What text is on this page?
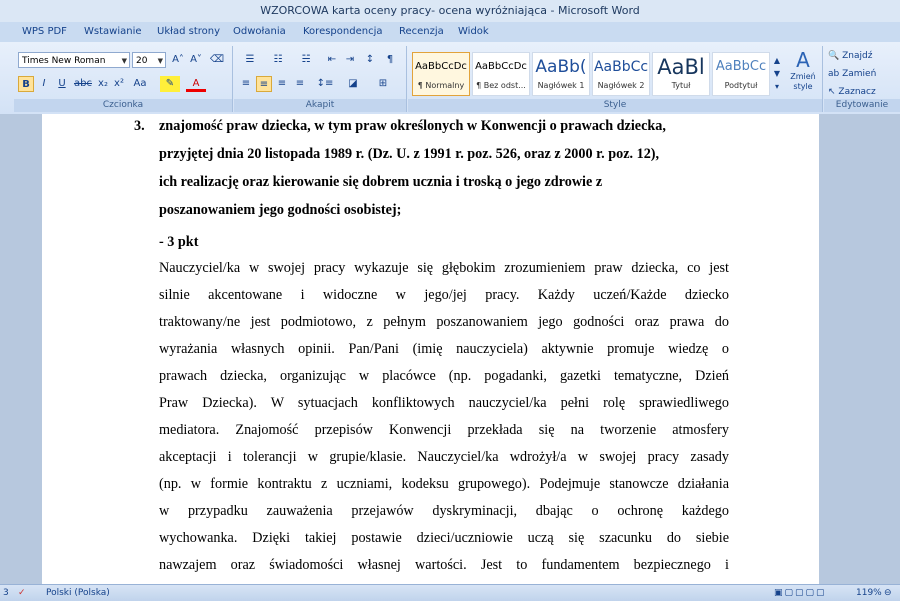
WZORCOWA karta oceny pracy- ocena wyróżniająca - Microsoft Word
WPS PDF Wstawianie Układ strony Odwołania Korespondencja Recenzja Widok
Times New Roman ▼	20 ▼ A˄ A˅ ⌫
B	I	U abc x₂ x² Aa	✎	A
Czcionka
☰	☷	☵	⇤ ⇥	↕	¶
≡ ≡ ≡ ≡	↕≡	◪	⊞
Akapit
AaBbCcDc
¶ Normalny
AaBbCcDc
¶ Bez odst...
AaBb(
Nagłówek 1
AaBbCc
Nagłówek 2
AaBl
Tytuł
AaBbCc
Podtytuł
▲
▼
▾
A
Zmień style
Style
🔍 Znajdź
ab Zamień
↖ Zaznacz
Edytowanie
3. znajomość praw dziecka, w tym praw określonych w Konwencji o prawach dziecka,
przyjętej dnia 20 listopada 1989 r. (Dz. U. z 1991 r. poz. 526, oraz z 2000 r. poz. 12),
ich realizację oraz kierowanie się dobrem ucznia i troską o jego zdrowie z
poszanowaniem jego godności osobistej;
- 3 pkt
Nauczyciel/ka w swojej pracy wykazuje się głębokim zrozumieniem praw dziecka, co jest
silnie akcentowane i widoczne w jego/jej pracy. Każdy uczeń/Każde dziecko
traktowany/ne jest podmiotowo, z pełnym poszanowaniem jego godności oraz prawa do
wyrażania własnych opinii. Pan/Pani (imię nauczyciela) aktywnie promuje wiedzę o
prawach dziecka, organizując w placówce (np. pogadanki, gazetki tematyczne, Dzień
Praw Dziecka). W sytuacjach konfliktowych nauczyciel/ka pełni rolę sprawiedliwego
mediatora. Znajomość przepisów Konwencji przekłada się na tworzenie atmosfery
akceptacji i tolerancji w grupie/klasie. Nauczyciel/ka wdrożył/a w swojej pracy zasady
(np. w formie kontraktu z uczniami, kodeksu grupowego). Podejmuje stanowcze działania
w przypadku zauważenia przejawów dyskryminacji, dbając o ochronę każdego
wychowanka. Dzięki takiej postawie dzieci/uczniowie uczą się szacunku do siebie
nawzajem oraz świadomości własnej wartości. Jest to fundamentem bezpiecznego i
3 ✓ Polski (Polska)	▣▢▢▢▢	119% ⊖
